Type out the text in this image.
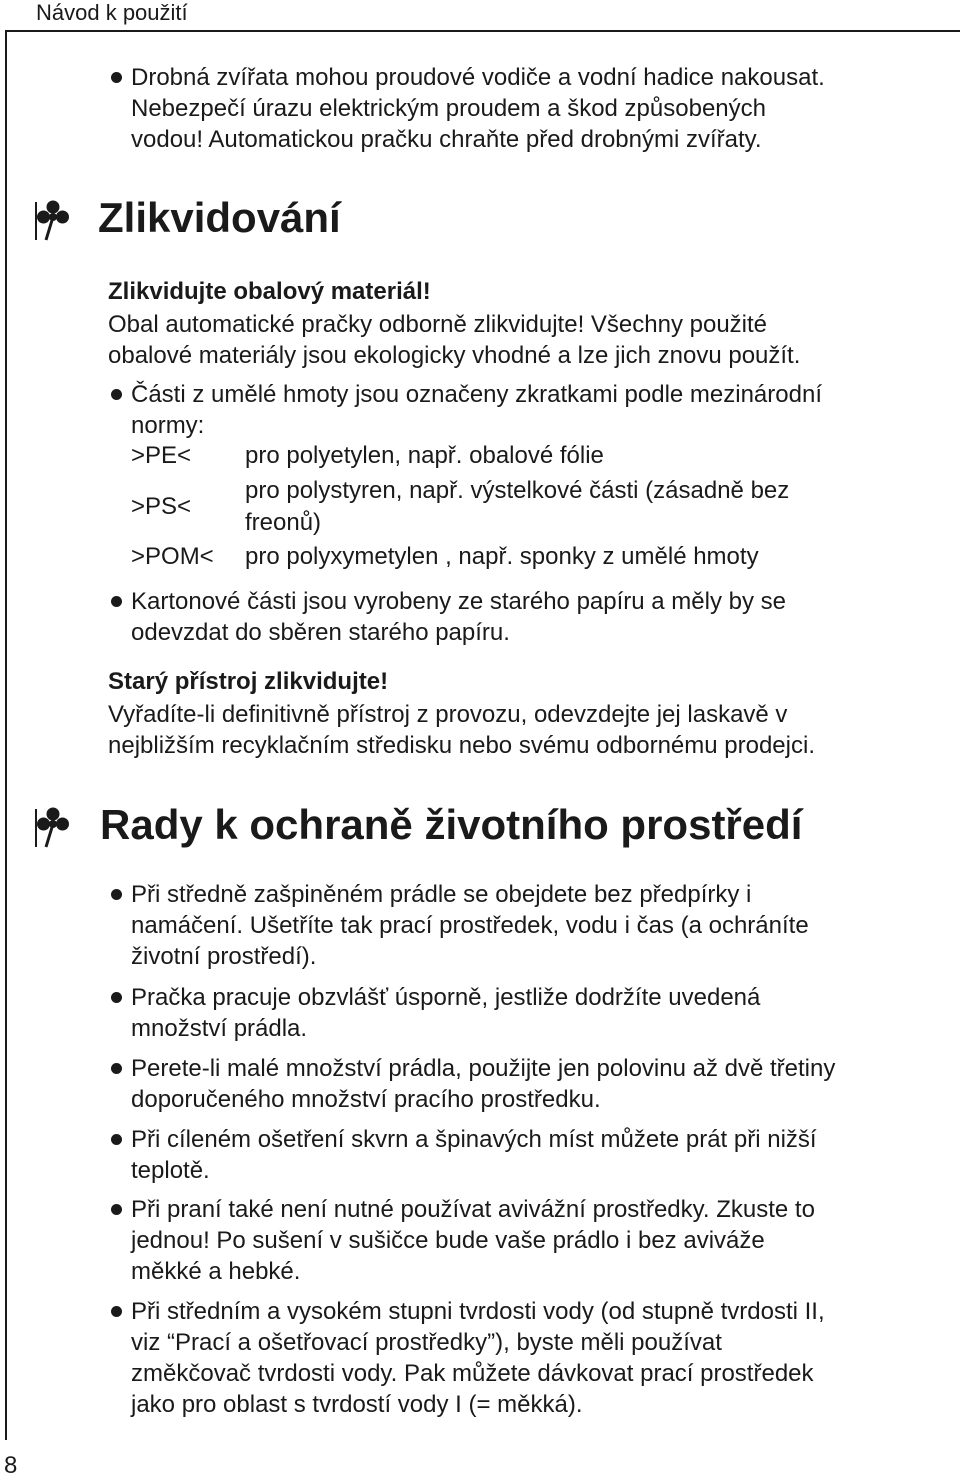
Návod k použití
8
Drobná zvířata mohou proudové vodiče a vodní hadice nakousat.
Nebezpečí úrazu elektrickým proudem a škod způsobených
vodou! Automatickou pračku chraňte před drobnými zvířaty.
Zlikvidování
Zlikvidujte obalový materiál!
Obal automatické pračky odborně zlikvidujte! Všechny použité
obalové materiály jsou ekologicky vhodné a lze jich znovu použít.
Části z umělé hmoty jsou označeny zkratkami podle mezinárodní
normy:
>PE< pro polyetylen, např. obalové fólie
>PS<
pro polystyren, např. výstelkové části (zásadně bez
freonů)
>POM< pro polyxymetylen , např. sponky z umělé hmoty
Kartonové části jsou vyrobeny ze starého papíru a měly by se
odevzdat do sběren starého papíru.
Starý přístroj zlikvidujte!
Vyřadíte-li definitivně přístroj z provozu, odevzdejte jej laskavě v
nejbližším recyklačním středisku nebo svému odbornému prodejci.
Rady k ochraně životního prostředí
Při středně zašpiněném prádle se obejdete bez předpírky i
namáčení. Ušetříte tak prací prostředek, vodu i čas (a ochráníte
životní prostředí).
Pračka pracuje obzvlášť úsporně, jestliže dodržíte uvedená
množství prádla.
Perete-li malé množství prádla, použijte jen polovinu až dvě třetiny
doporučeného množství pracího prostředku.
Při cíleném ošetření skvrn a špinavých míst můžete prát při nižší
teplotě.
Při praní také není nutné používat avivážní prostředky. Zkuste to
jednou! Po sušení v sušičce bude vaše prádlo i bez aviváže
měkké a hebké.
Při středním a vysokém stupni tvrdosti vody (od stupně tvrdosti II,
viz “Prací a ošetřovací prostředky”), byste měli používat
změkčovač tvrdosti vody. Pak můžete dávkovat prací prostředek
jako pro oblast s tvrdostí vody I (= měkká).
